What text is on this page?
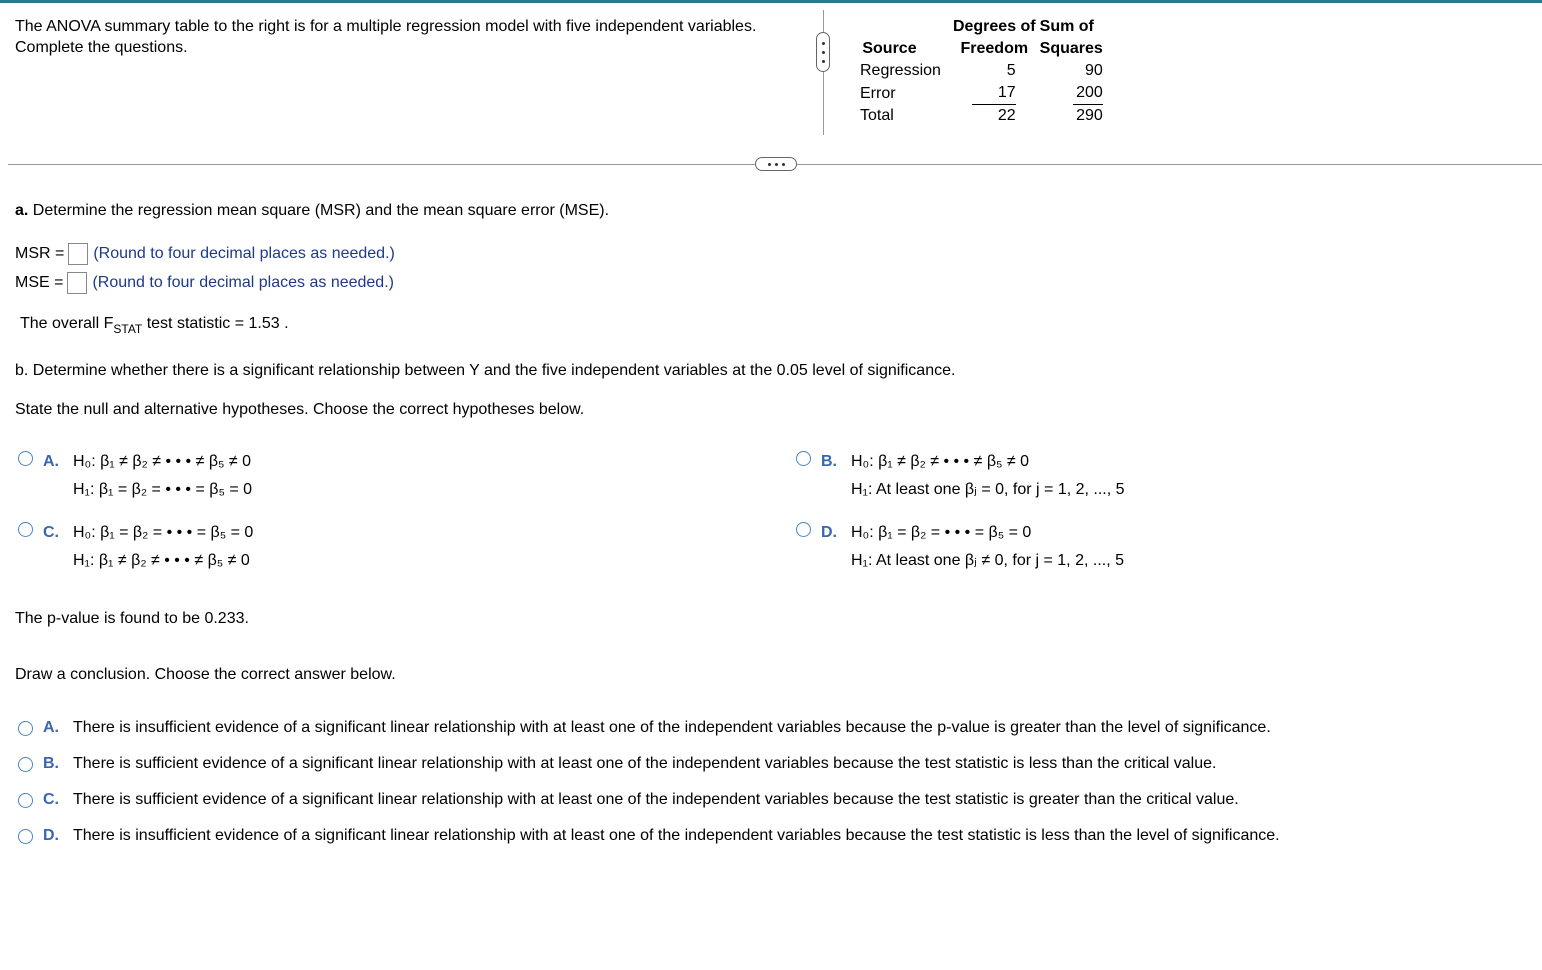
The ANOVA summary table to the right is for a multiple regression model with five independent variables. Complete the questions.
	Degrees of	Sum of
Source	Freedom	Squares
Regression	5	90
Error	17	200
Total	22	290
a. Determine the regression mean square (MSR) and the mean square error (MSE).
MSR = (Round to four decimal places as needed.)
MSE = (Round to four decimal places as needed.)
The overall $F_{STAT}$ test statistic = 1.53 .
b. Determine whether there is a significant relationship between Y and the five independent variables at the 0.05 level of significance.
State the null and alternative hypotheses. Choose the correct hypotheses below.
A. H₀: β₁ ≠ β₂ ≠ • • • ≠ β₅ ≠ 0
H₁: β₁ = β₂ = • • • = β₅ = 0
B. H₀: β₁ ≠ β₂ ≠ • • • ≠ β₅ ≠ 0
H₁: At least one βⱼ = 0, for j = 1, 2, ..., 5
C. H₀: β₁ = β₂ = • • • = β₅ = 0
H₁: β₁ ≠ β₂ ≠ • • • ≠ β₅ ≠ 0
D. H₀: β₁ = β₂ = • • • = β₅ = 0
H₁: At least one βⱼ ≠ 0, for j = 1, 2, ..., 5
The p-value is found to be 0.233.
Draw a conclusion. Choose the correct answer below.
A. There is insufficient evidence of a significant linear relationship with at least one of the independent variables because the p-value is greater than the level of significance.
B. There is sufficient evidence of a significant linear relationship with at least one of the independent variables because the test statistic is less than the critical value.
C. There is sufficient evidence of a significant linear relationship with at least one of the independent variables because the test statistic is greater than the critical value.
D. There is insufficient evidence of a significant linear relationship with at least one of the independent variables because the test statistic is less than the level of significance.
